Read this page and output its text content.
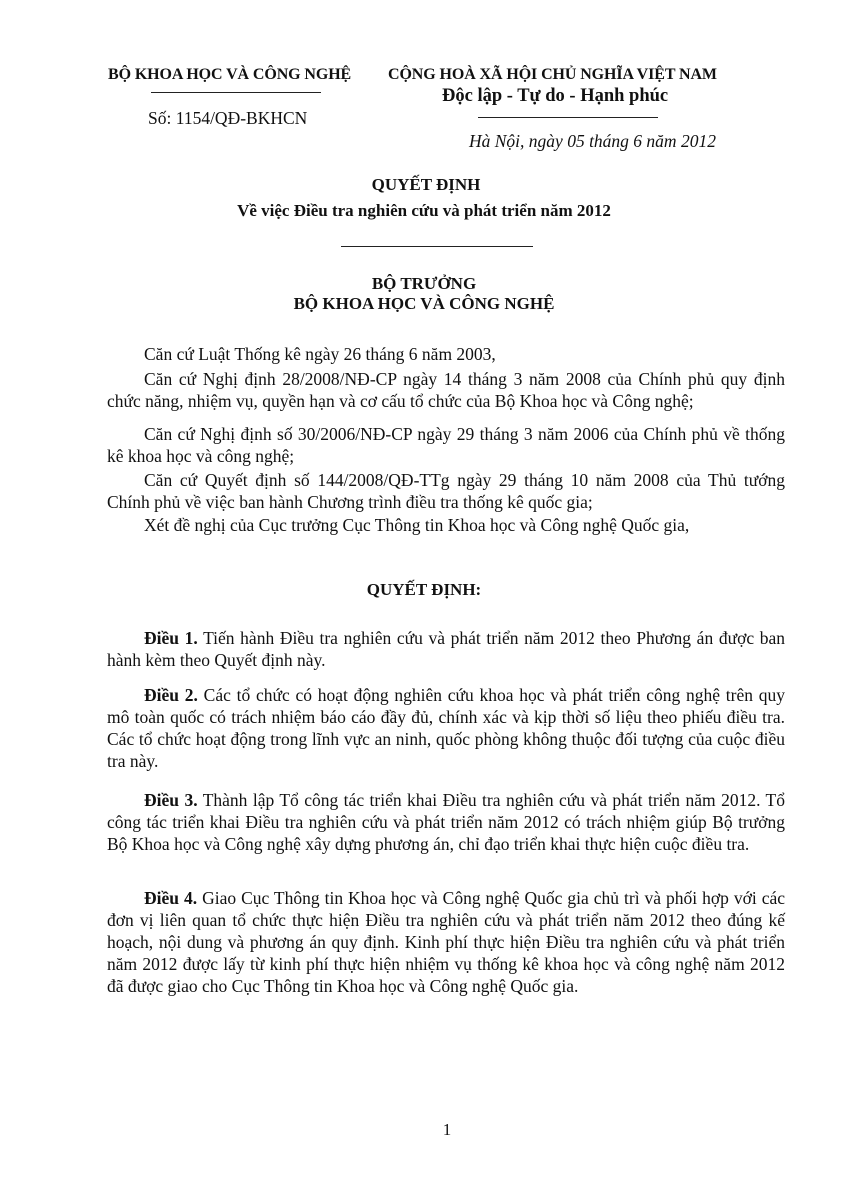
BỘ KHOA HỌC VÀ CÔNG NGHỆ
Số: 1154/QĐ-BKHCN
CỘNG HOÀ XÃ HỘI CHỦ NGHĨA VIỆT NAM
Độc lập - Tự do - Hạnh phúc
Hà Nội, ngày 05 tháng 6 năm 2012
QUYẾT ĐỊNH
Về việc Điều tra nghiên cứu và phát triển năm 2012
BỘ TRƯỞNG
BỘ KHOA HỌC VÀ CÔNG NGHỆ

Căn cứ Luật Thống kê ngày 26 tháng 6 năm 2003,

Căn cứ Nghị định 28/2008/NĐ-CP ngày 14 tháng 3 năm 2008 của Chính phủ quy định chức năng, nhiệm vụ, quyền hạn và cơ cấu tổ chức của Bộ Khoa học và Công nghệ;

Căn cứ Nghị định số 30/2006/NĐ-CP ngày 29 tháng 3 năm 2006 của Chính phủ về thống kê khoa học và công nghệ;

Căn cứ Quyết định số 144/2008/QĐ-TTg ngày 29 tháng 10 năm 2008 của Thủ tướng Chính phủ về việc ban hành Chương trình điều tra thống kê quốc gia;

Xét đề nghị của Cục trưởng Cục Thông tin Khoa học và Công nghệ Quốc gia,

QUYẾT ĐỊNH:

Điều 1. Tiến hành Điều tra nghiên cứu và phát triển năm 2012 theo Phương án được ban hành kèm theo Quyết định này.

Điều 2. Các tổ chức có hoạt động nghiên cứu khoa học và phát triển công nghệ trên quy mô toàn quốc có trách nhiệm báo cáo đầy đủ, chính xác và kịp thời số liệu theo phiếu điều tra. Các tổ chức hoạt động trong lĩnh vực an ninh, quốc phòng không thuộc đối tượng của cuộc điều tra này.

Điều 3. Thành lập Tổ công tác triển khai Điều tra nghiên cứu và phát triển năm 2012. Tổ công tác triển khai Điều tra nghiên cứu và phát triển năm 2012 có trách nhiệm giúp Bộ trưởng Bộ Khoa học và Công nghệ xây dựng phương án, chỉ đạo triển khai thực hiện cuộc điều tra.

Điều 4. Giao Cục Thông tin Khoa học và Công nghệ Quốc gia chủ trì và phối hợp với các đơn vị liên quan tổ chức thực hiện Điều tra nghiên cứu và phát triển năm 2012 theo đúng kế hoạch, nội dung và phương án quy định. Kinh phí thực hiện Điều tra nghiên cứu và phát triển năm 2012 được lấy từ kinh phí thực hiện nhiệm vụ thống kê khoa học và công nghệ năm 2012 đã được giao cho Cục Thông tin Khoa học và Công nghệ Quốc gia.

1
